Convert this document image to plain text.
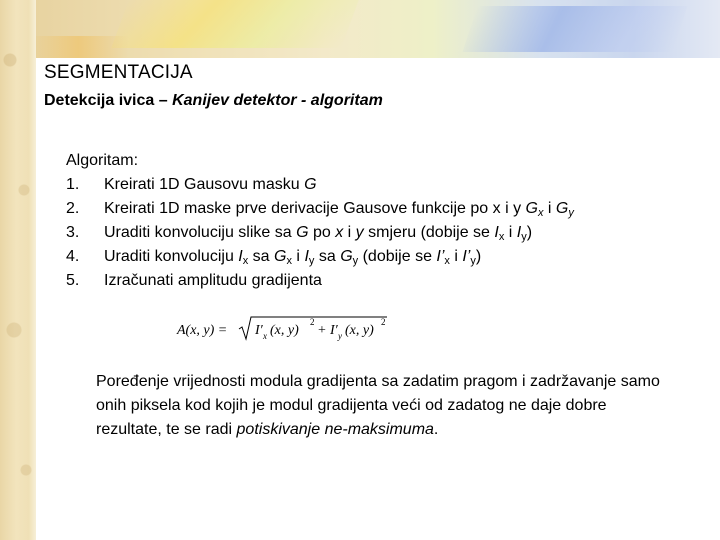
SEGMENTACIJA
Detekcija ivica – Kanijev detektor - algoritam
Algoritam:
1. Kreirati 1D Gausovu masku G
2. Kreirati 1D maske prve derivacije Gausove funkcije po x i y $G_x$ i $G_y$
3. Uraditi konvoluciju slike sa G po x i y smjeru (dobije se $I_x$ i $I_y$)
4. Uraditi konvoluciju $I_x$ sa $G_x$ i $I_y$ sa $G_y$ (dobije se $I’_x$ i $I’_y$)
5. Izračunati amplitudu gradijenta
A(x, y) = I′ x (x, y)
2
+ I′ y (x, y)
2
Poređenje vrijednosti modula gradijenta sa zadatim pragom i zadržavanje samo onih piksela kod kojih je modul gradijenta veći od zadatog ne daje dobre rezultate, te se radi potiskivanje ne-maksimuma.
